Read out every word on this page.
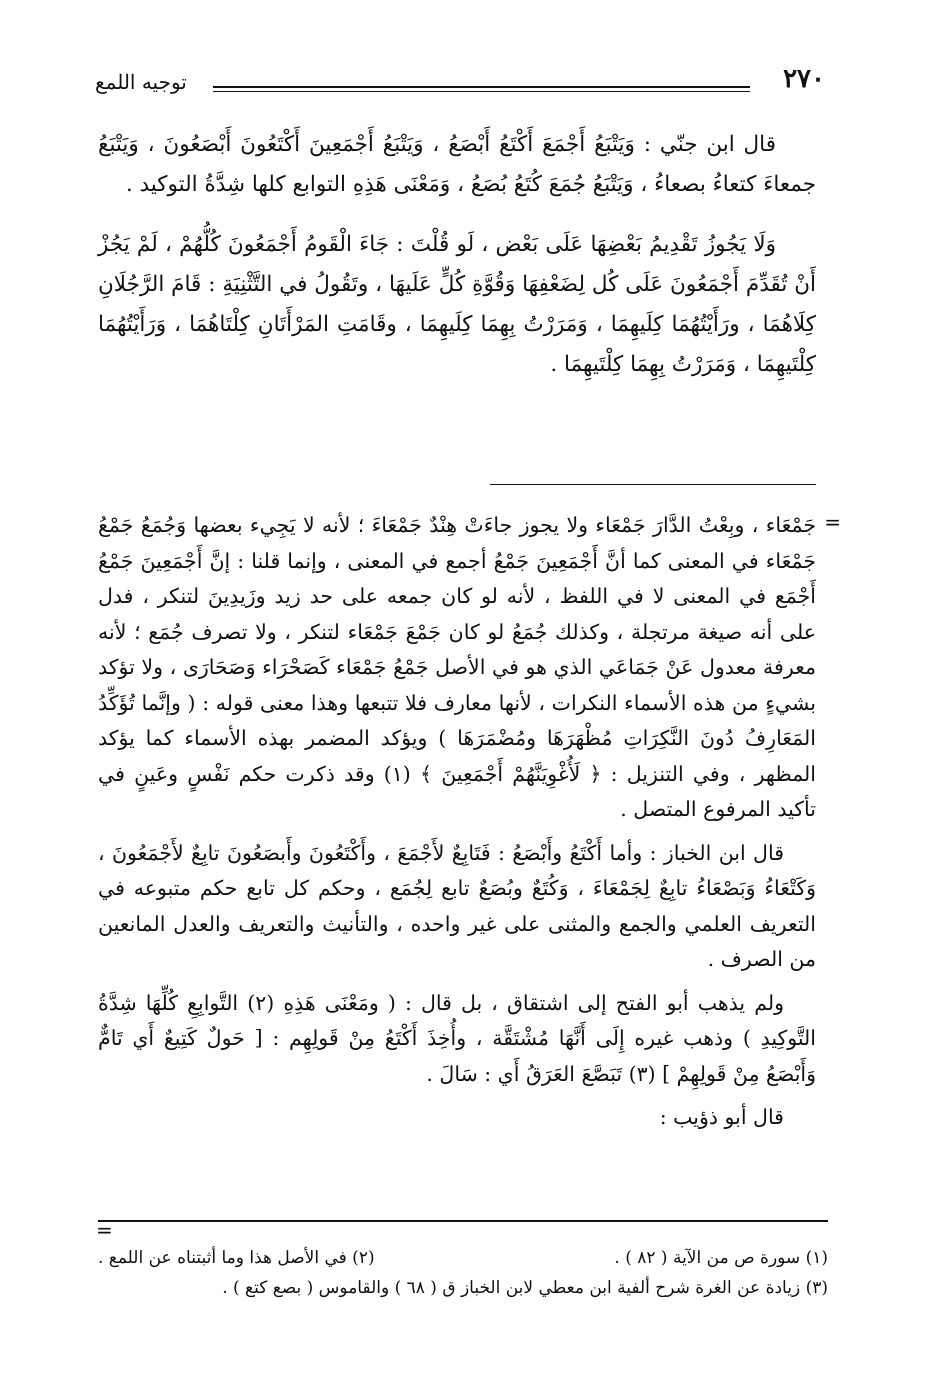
٢٧٠
توجيه اللمع

قال ابن جنّي : وَيَتْبَعُ أَجْمَعَ أَكْتَعُ أَبْصَعُ ، وَيَتْبَعُ أَجْمَعِينَ أَكْتَعُونَ أَبْصَعُونَ ، وَيَتْبَعُ جمعاءَ كتعاءُ بصعاءُ ، وَيَتْبَعُ جُمَعَ كُتَعُ بُصَعُ ، وَمَعْنَى هَذِهِ التوابع كلها شِدَّةُ التوكيد .

وَلَا يَجُوزُ تَقْدِيمُ بَعْضِهَا عَلَى بَعْض ، لَو قُلْتَ : جَاءَ الْقَومُ أَجْمَعُونَ كُلُّهُمْ ، لَمْ يَجُزْ أَنْ تُقَدِّمَ أَجْمَعُونَ عَلَى كُل لِضَعْفِهَا وَقُوَّةِ كُلٍّ عَلَيهَا ، وتَقُولُ في التَّثْنِيَةِ : قَامَ الرَّجُلَانِ كِلَاهُمَا ، ورَأَيْتُهُمَا كِلَيهِمَا ، وَمَرَرْتُ بِهِمَا كِلَيهِمَا ، وقَامَتِ المَرْأَتَانِ كِلْتَاهُمَا ، وَرَأَيْتُهُمَا كِلْتَيهِمَا ، وَمَرَرْتُ بِهِمَا كِلْتَيهِمَا .

=

جَمْعَاء ، وبِعْتُ الدَّارَ جَمْعَاء ولا يجوز جاءَتْ هِنْدٌ جَمْعَاءَ ؛ لأنه لا يَجِيء بعضها وَجُمَعُ جَمْعُ جَمْعَاء في المعنى كما أنَّ أَجْمَعِينَ جَمْعُ أجمع في المعنى ، وإنما قلنا : إنَّ أَجْمَعِينَ جَمْعُ أَجْمَع في المعنى لا في اللفظ ، لأنه لو كان جمعه على حد زيد وزَيدِينَ لتنكر ، فدل على أنه صيغة مرتجلة ، وكذلك جُمَعُ لو كان جَمْعَ جَمْعَاء لتنكر ، ولا تصرف جُمَع ؛ لأنه معرفة معدول عَنْ جَمَاعَي الذي هو في الأصل جَمْعُ جَمْعَاء كَصَحْرَاء وَصَحَارَى ، ولا تؤكد بشيءٍ من هذه الأسماء النكرات ، لأنها معارف فلا تتبعها وهذا معنى قوله : ( وإنَّما تُؤَكِّدُ المَعَارِفُ دُونَ النَّكِرَاتِ مُظْهَرَهَا ومُضْمَرَهَا ) ويؤكد المضمر بهذه الأسماء كما يؤكد المظهر ، وفي التنزيل : ﴿ لَأُغْوِيَنَّهُمْ أَجْمَعِينَ ﴾ (١) وقد ذكرت حكم نَفْسٍ وعَينٍ في تأكيد المرفوع المتصل .

قال ابن الخباز : وأما أَكْتَعُ وأَبْصَعُ : فَتَابِعٌ لأَجْمَعَ ، وأَكْتَعُونَ وأَبصَعُونَ تابِعٌ لأَجْمَعُونَ ، وَكَتْعَاءُ وَبَصْعَاءُ تابِعٌ لِجَمْعَاءَ ، وَكُتَعٌ وبُصَعٌ تابع لِجُمَع ، وحكم كل تابع حكم متبوعه في التعريف العلمي والجمع والمثنى على غير واحده ، والتأنيث والتعريف والعدل المانعين من الصرف .

ولم يذهب أبو الفتح إلى اشتقاق ، بل قال : ( ومَعْنَى هَذِهِ (٢) التَّوابِعِ كُلِّهَا شِدَّةُ التَّوكِيدِ ) وذهب غيره إِلَى أَنَّهَا مُشْتَقَّة ، وأُخِذَ أَكْتَعُ مِنْ قَولِهِم : [ حَولٌ كَتِيعٌ أَي تَامٌّ وَأَبْصَعُ مِنْ قَولِهِمْ ] (٣) تَبَصَّعَ العَرَقُ أَي : سَالَ .

قال أبو ذؤيب :

=
(١) سورة ص من الآية ( ٨٢ ) .
(٢) في الأصل هذا وما أثبتناه عن اللمع .
(٣) زيادة عن الغرة شرح ألفية ابن معطي لابن الخباز ق ( ٦٨ ) والقاموس ( بصع كتع ) .
